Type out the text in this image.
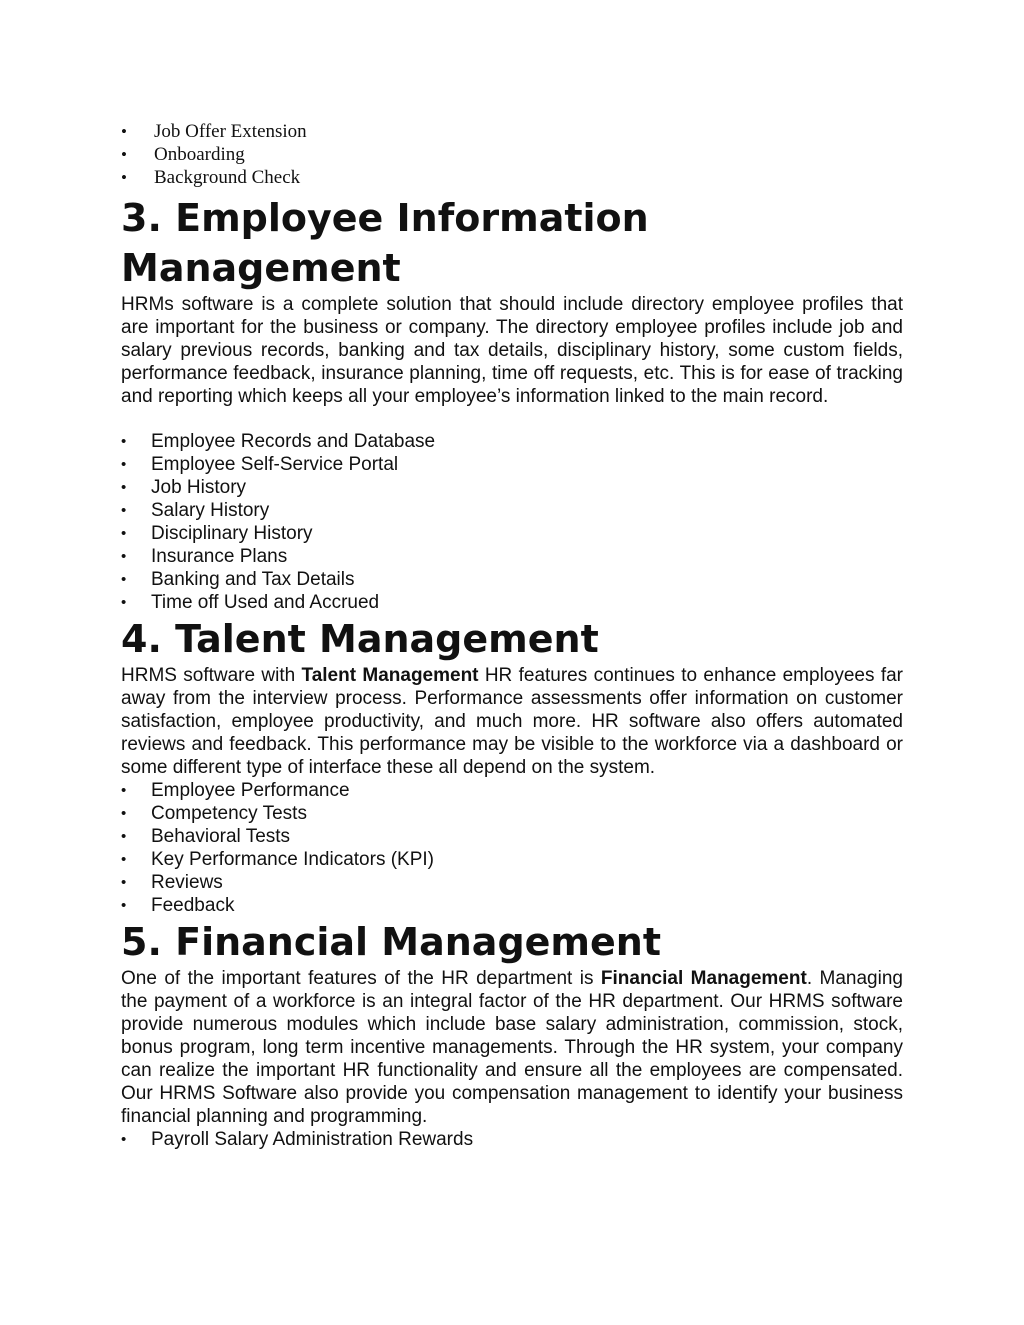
• Job Offer Extension
• Onboarding
• Background Check
3. Employee Information Management

HRMs software is a complete solution that should include directory employee profiles that are important for the business or company. The directory employee profiles include job and salary previous records, banking and tax details, disciplinary history, some custom fields, performance feedback, insurance planning, time off requests, etc. This is for ease of tracking and reporting which keeps all your employee’s information linked to the main record.

• Employee Records and Database
• Employee Self-Service Portal
• Job History
• Salary History
• Disciplinary History
• Insurance Plans
• Banking and Tax Details
• Time off Used and Accrued
4. Talent Management

HRMS software with Talent Management HR features continues to enhance employees far away from the interview process. Performance assessments offer information on customer satisfaction, employee productivity, and much more. HR software also offers automated reviews and feedback. This performance may be visible to the workforce via a dashboard or some different type of interface these all depend on the system.

• Employee Performance
• Competency Tests
• Behavioral Tests
• Key Performance Indicators (KPI)
• Reviews
• Feedback
5. Financial Management

One of the important features of the HR department is Financial Management. Managing the payment of a workforce is an integral factor of the HR department. Our HRMS software provide numerous modules which include base salary administration, commission, stock, bonus program, long term incentive managements. Through the HR system, your company can realize the important HR functionality and ensure all the employees are compensated. Our HRMS Software also provide you compensation management to identify your business financial planning and programming.

• Payroll Salary Administration Rewards
